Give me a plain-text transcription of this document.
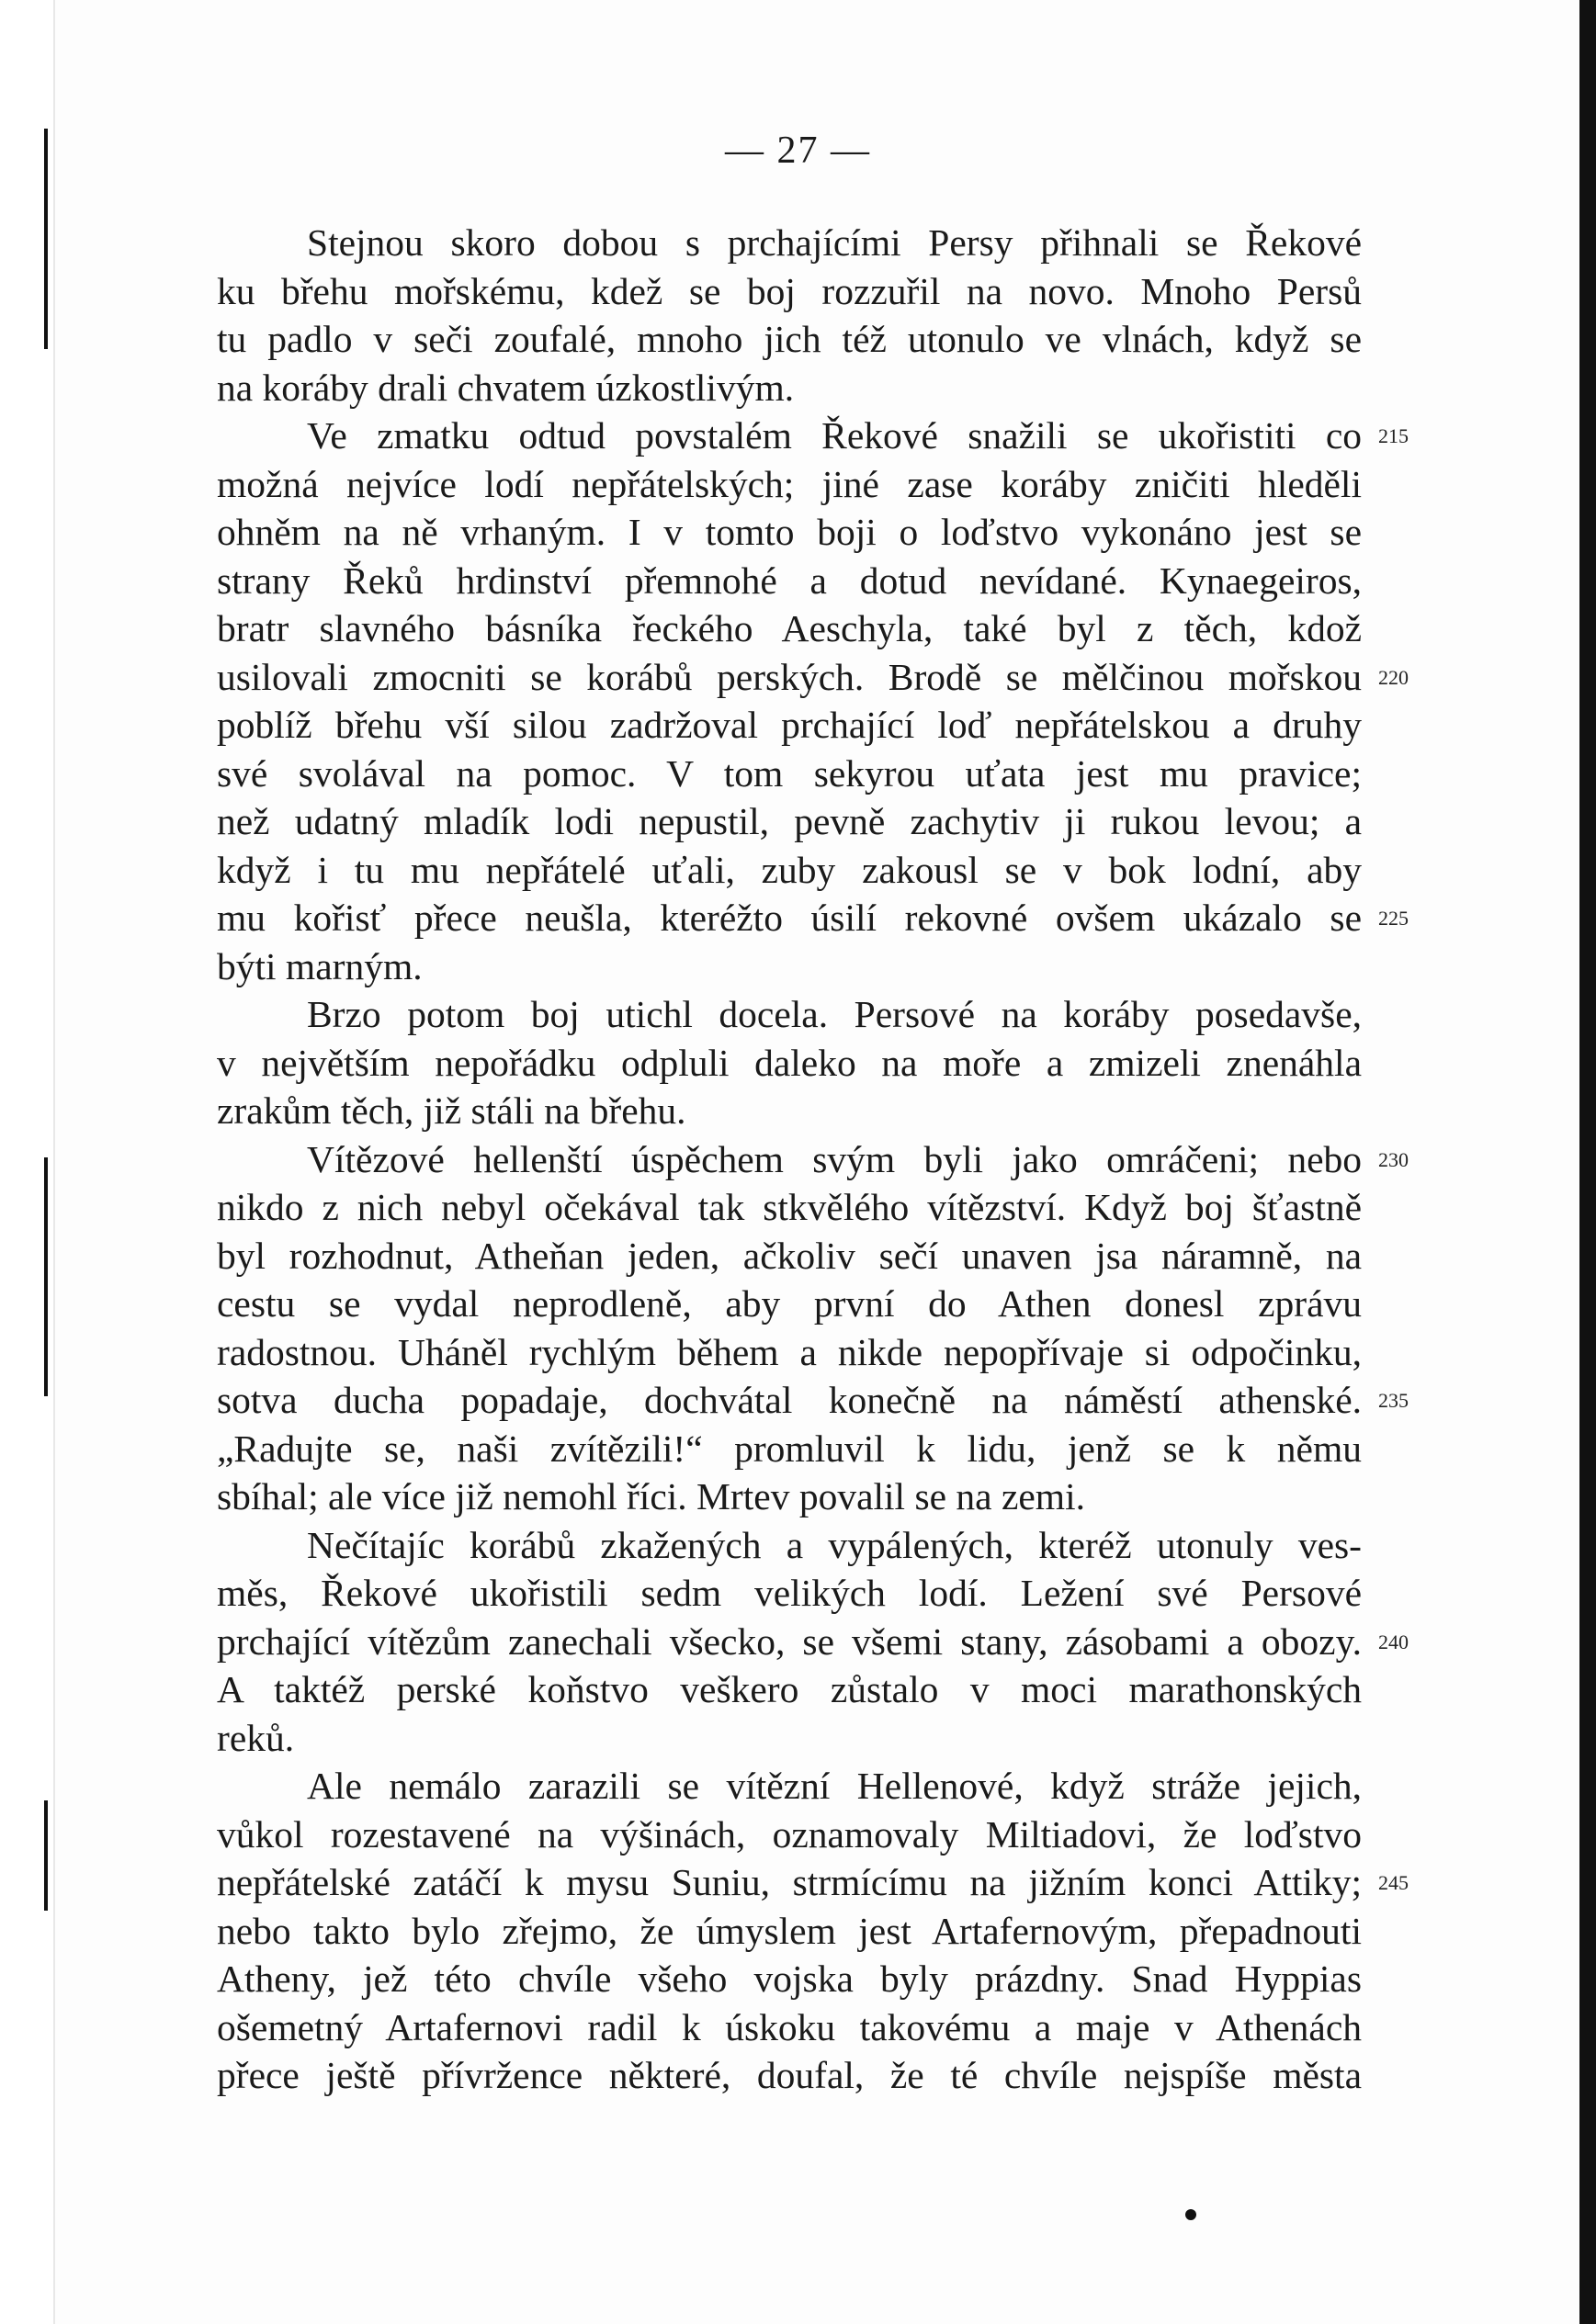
— 27 —
Stejnou skoro dobou s prchajícími Persy přihnali se Řekové
ku břehu mořskému, kdež se boj rozzuřil na novo. Mnoho Persů
tu padlo v seči zoufalé, mnoho jich též utonulo ve vlnách, když se
na koráby drali chvatem úzkostlivým.
Ve zmatku odtud povstalém Řekové snažili se ukořistiti co
možná nejvíce lodí nepřátelských; jiné zase koráby zničiti hleděli
ohněm na ně vrhaným. I v tomto boji o loďstvo vykonáno jest se
strany Řeků hrdinství přemnohé a dotud nevídané. Kynaegeiros,
bratr slavného básníka řeckého Aeschyla, také byl z těch, kdož
usilovali zmocniti se korábů perských. Brodě se mělčinou mořskou
poblíž břehu vší silou zadržoval prchající loď nepřátelskou a druhy
své svolával na pomoc. V tom sekyrou uťata jest mu pravice;
než udatný mladík lodi nepustil, pevně zachytiv ji rukou levou; a
když i tu mu nepřátelé uťali, zuby zakousl se v bok lodní, aby
mu kořisť přece neušla, kteréžto úsilí rekovné ovšem ukázalo se
býti marným.
Brzo potom boj utichl docela. Persové na koráby posedavše,
v největším nepořádku odpluli daleko na moře a zmizeli znenáhla
zrakům těch, již stáli na břehu.
Vítězové hellenští úspěchem svým byli jako omráčeni; nebo
nikdo z nich nebyl očekával tak stkvělého vítězství. Když boj šťastně
byl rozhodnut, Atheňan jeden, ačkoliv sečí unaven jsa náramně, na
cestu se vydal neprodleně, aby první do Athen donesl zprávu
radostnou. Uháněl rychlým během a nikde nepopřívaje si odpočinku,
sotva ducha popadaje, dochvátal konečně na náměstí athenské.
„Radujte se, naši zvítězili!“ promluvil k lidu, jenž se k němu
sbíhal; ale více již nemohl říci. Mrtev povalil se na zemi.
Nečítajíc korábů zkažených a vypálených, kteréž utonuly ves-
měs, Řekové ukořistili sedm velikých lodí. Ležení své Persové
prchající vítězům zanechali všecko, se všemi stany, zásobami a obozy.
A taktéž perské koňstvo veškero zůstalo v moci marathonských
reků.
Ale nemálo zarazili se vítězní Hellenové, když stráže jejich,
vůkol rozestavené na výšinách, oznamovaly Miltiadovi, že loďstvo
nepřátelské zatáčí k mysu Suniu, strmícímu na jižním konci Attiky;
nebo takto bylo zřejmo, že úmyslem jest Artafernovým, přepadnouti
Atheny, jež této chvíle všeho vojska byly prázdny. Snad Hyppias
ošemetný Artafernovi radil k úskoku takovému a maje v Athenách
přece ještě přívržence některé, doufal, že té chvíle nejspíše města
215
220
225
230
235
240
245
